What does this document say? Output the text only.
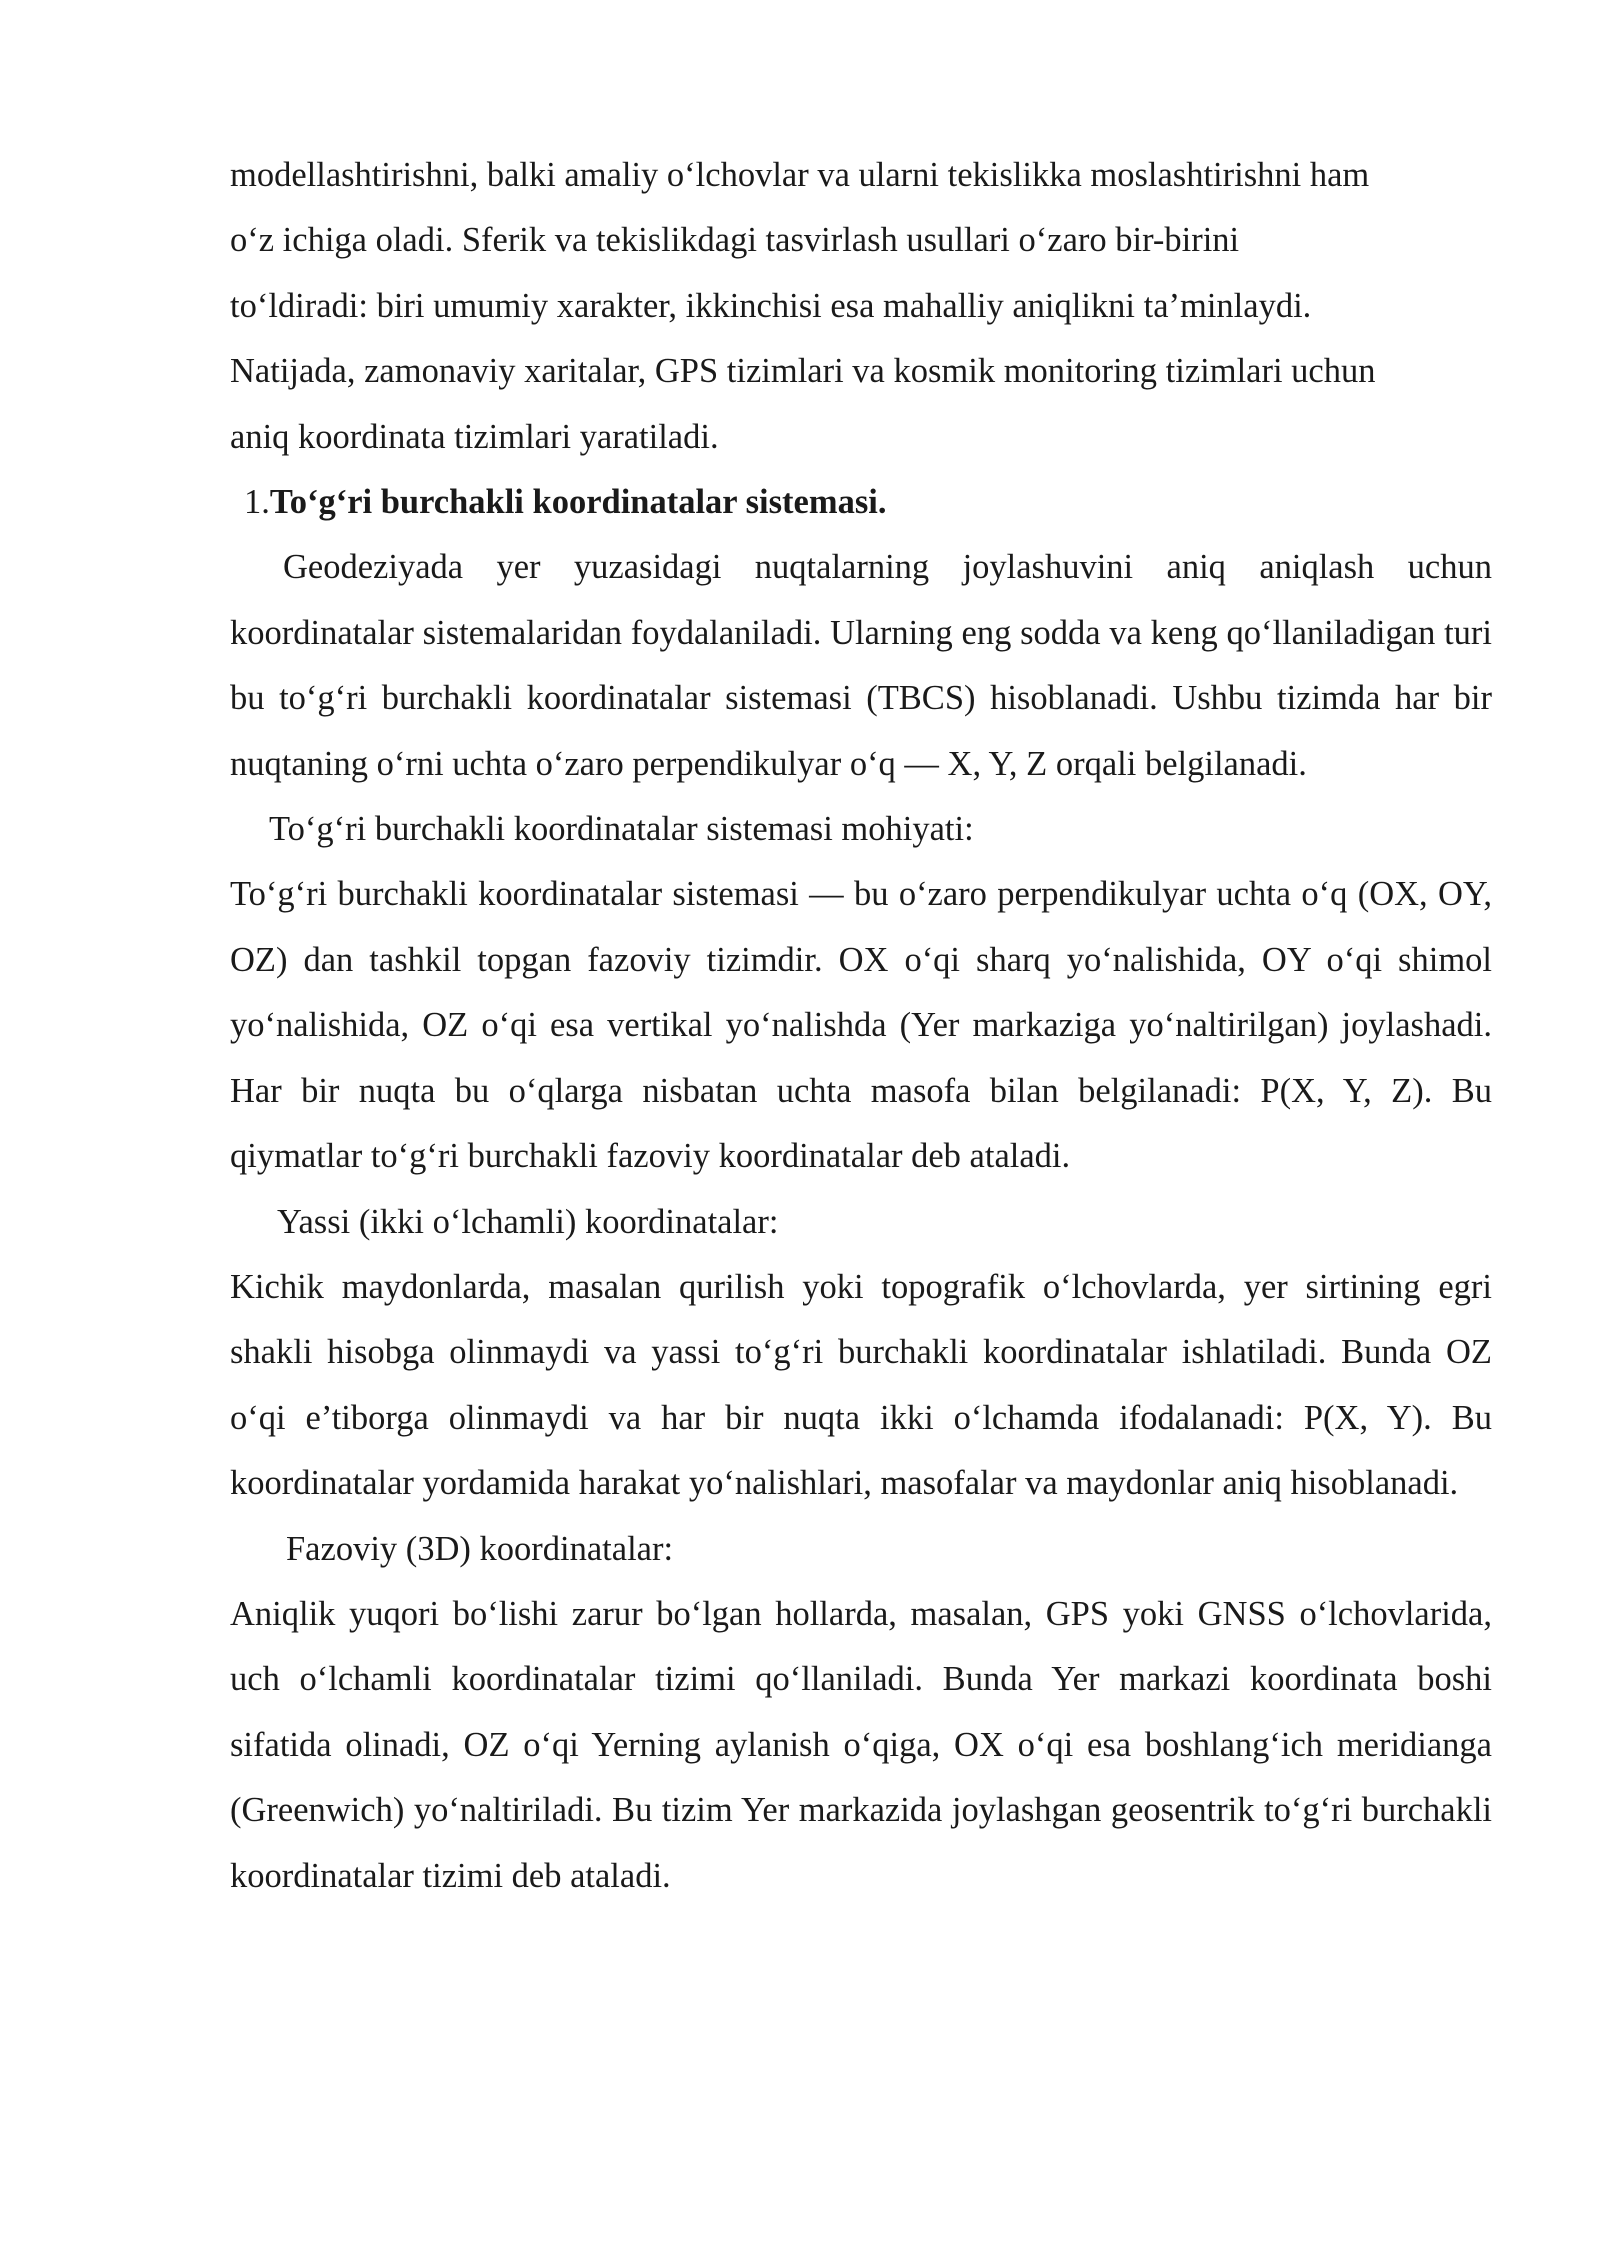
modellashtirishni, balki amaliy o‘lchovlar va ularni tekislikka moslashtirishni ham

o‘z ichiga oladi. Sferik va tekislikdagi tasvirlash usullari o‘zaro bir-birini

to‘ldiradi: biri umumiy xarakter, ikkinchisi esa mahalliy aniqlikni ta’minlaydi.

Natijada, zamonaviy xaritalar, GPS tizimlari va kosmik monitoring tizimlari uchun

aniq koordinata tizimlari yaratiladi.

1.To‘g‘ri burchakli koordinatalar sistemasi.

Geodeziyada yer yuzasidagi nuqtalarning joylashuvini aniq aniqlash uchun koordinatalar sistemalaridan foydalaniladi. Ularning eng sodda va keng qo‘llaniladigan turi bu to‘g‘ri burchakli koordinatalar sistemasi (TBCS) hisoblanadi. Ushbu tizimda har bir nuqtaning o‘rni uchta o‘zaro perpendikulyar o‘q — X, Y, Z orqali belgilanadi.

To‘g‘ri burchakli koordinatalar sistemasi mohiyati:

To‘g‘ri burchakli koordinatalar sistemasi — bu o‘zaro perpendikulyar uchta o‘q (OX, OY, OZ) dan tashkil topgan fazoviy tizimdir. OX o‘qi sharq yo‘nalishida, OY o‘qi shimol yo‘nalishida, OZ o‘qi esa vertikal yo‘nalishda (Yer markaziga yo‘naltirilgan) joylashadi. Har bir nuqta bu o‘qlarga nisbatan uchta masofa bilan belgilanadi: P(X, Y, Z). Bu qiymatlar to‘g‘ri burchakli fazoviy koordinatalar deb ataladi.

Yassi (ikki o‘lchamli) koordinatalar:

Kichik maydonlarda, masalan qurilish yoki topografik o‘lchovlarda, yer sirtining egri shakli hisobga olinmaydi va yassi to‘g‘ri burchakli koordinatalar ishlatiladi. Bunda OZ o‘qi e’tiborga olinmaydi va har bir nuqta ikki o‘lchamda ifodalanadi: P(X, Y). Bu koordinatalar yordamida harakat yo‘nalishlari, masofalar va maydonlar aniq hisoblanadi.

Fazoviy (3D) koordinatalar:

Aniqlik yuqori bo‘lishi zarur bo‘lgan hollarda, masalan, GPS yoki GNSS o‘lchovlarida, uch o‘lchamli koordinatalar tizimi qo‘llaniladi. Bunda Yer markazi koordinata boshi sifatida olinadi, OZ o‘qi Yerning aylanish o‘qiga, OX o‘qi esa boshlang‘ich meridianga (Greenwich) yo‘naltiriladi. Bu tizim Yer markazida joylashgan geosentrik to‘g‘ri burchakli koordinatalar tizimi deb ataladi.
